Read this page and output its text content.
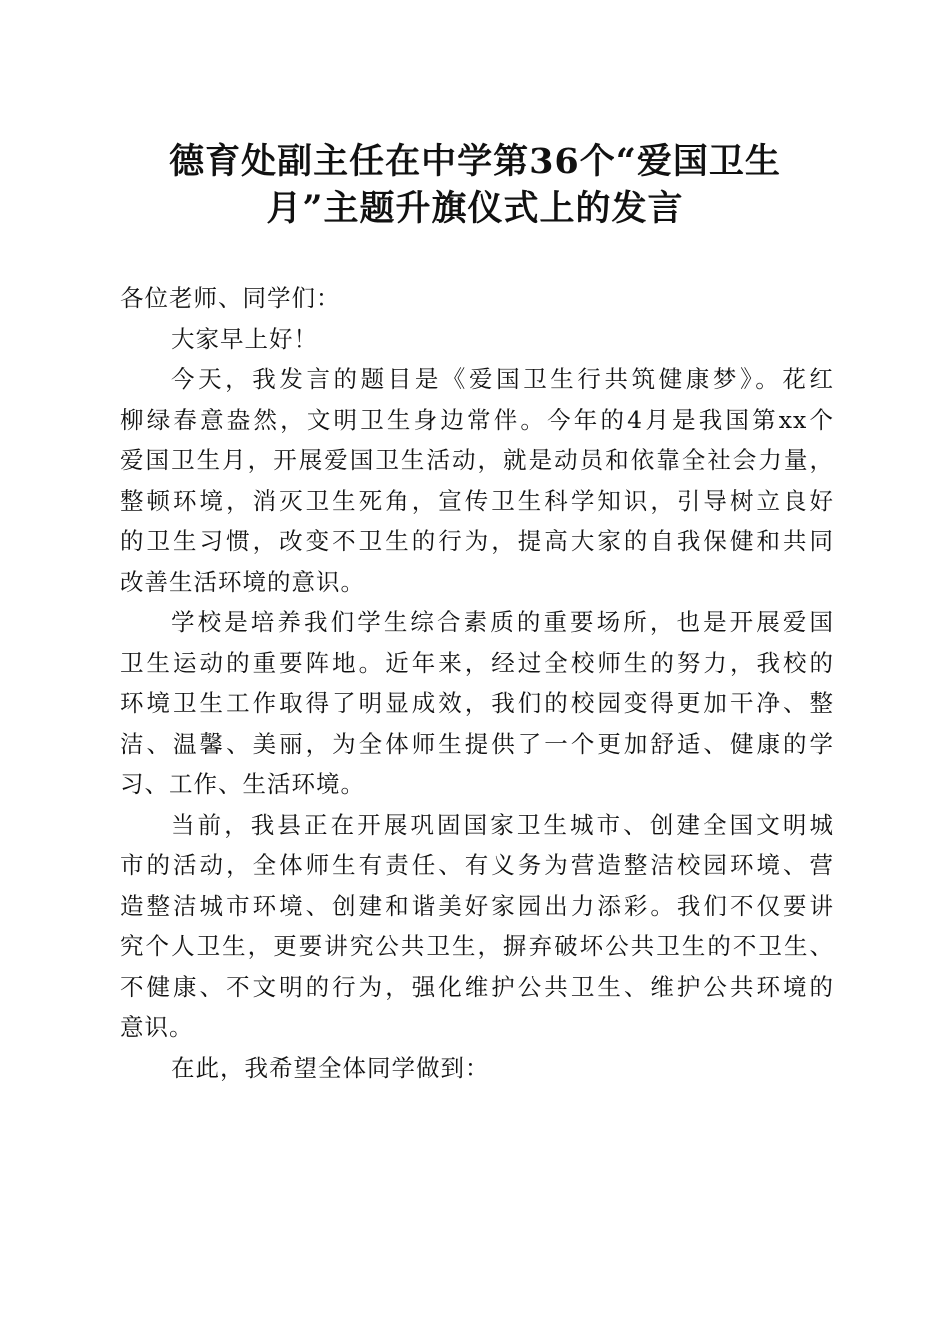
德育处副主任在中学第36个“爱国卫生
月”主题升旗仪式上的发言
各位老师、同学们：
大家早上好！
今天，我发言的题目是《爱国卫生行共筑健康梦》。花红
柳绿春意盎然，文明卫生身边常伴。今年的4月是我国第xx个
爱国卫生月，开展爱国卫生活动，就是动员和依靠全社会力量，
整顿环境，消灭卫生死角，宣传卫生科学知识，引导树立良好
的卫生习惯，改变不卫生的行为，提高大家的自我保健和共同
改善生活环境的意识。
学校是培养我们学生综合素质的重要场所，也是开展爱国
卫生运动的重要阵地。近年来，经过全校师生的努力，我校的
环境卫生工作取得了明显成效，我们的校园变得更加干净、整
洁、温馨、美丽，为全体师生提供了一个更加舒适、健康的学
习、工作、生活环境。
当前，我县正在开展巩固国家卫生城市、创建全国文明城
市的活动，全体师生有责任、有义务为营造整洁校园环境、营
造整洁城市环境、创建和谐美好家园出力添彩。我们不仅要讲
究个人卫生，更要讲究公共卫生，摒弃破坏公共卫生的不卫生、
不健康、不文明的行为，强化维护公共卫生、维护公共环境的
意识。
在此，我希望全体同学做到：
